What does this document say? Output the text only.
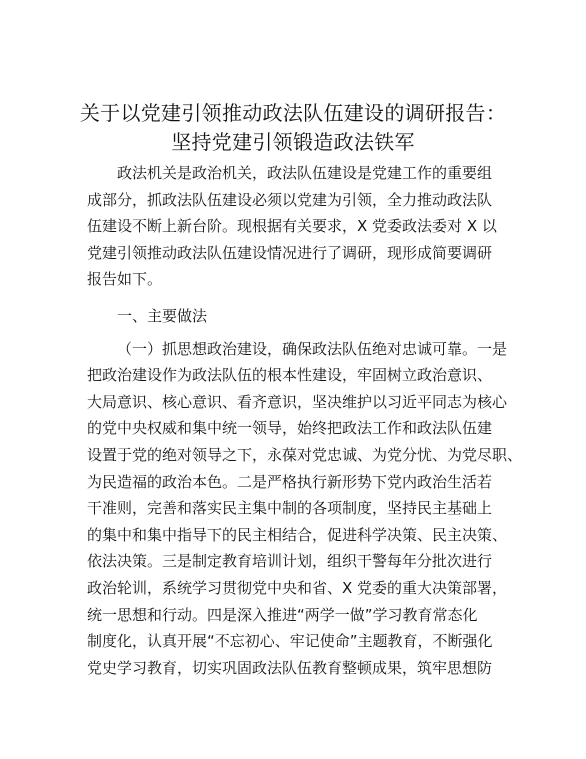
关于以党建引领推动政法队伍建设的调研报告：
坚持党建引领锻造政法铁军
政法机关是政治机关，政法队伍建设是党建工作的重要组
成部分，抓政法队伍建设必须以党建为引领，全力推动政法队
伍建设不断上新台阶。现根据有关要求，X 党委政法委对 X 以
党建引领推动政法队伍建设情况进行了调研，现形成简要调研
报告如下。
一、主要做法
（一）抓思想政治建设，确保政法队伍绝对忠诚可靠。一是
把政治建设作为政法队伍的根本性建设，牢固树立政治意识、
大局意识、核心意识、看齐意识，坚决维护以习近平同志为核心
的党中央权威和集中统一领导，始终把政法工作和政法队伍建
设置于党的绝对领导之下，永葆对党忠诚、为党分忧、为党尽职、
为民造福的政治本色。二是严格执行新形势下党内政治生活若
干准则，完善和落实民主集中制的各项制度，坚持民主基础上
的集中和集中指导下的民主相结合，促进科学决策、民主决策、
依法决策。三是制定教育培训计划，组织干警每年分批次进行
政治轮训，系统学习贯彻党中央和省、X 党委的重大决策部署，
统一思想和行动。四是深入推进“两学一做”学习教育常态化
制度化，认真开展“不忘初心、牢记使命”主题教育，不断强化
党史学习教育，切实巩固政法队伍教育整顿成果，筑牢思想防
